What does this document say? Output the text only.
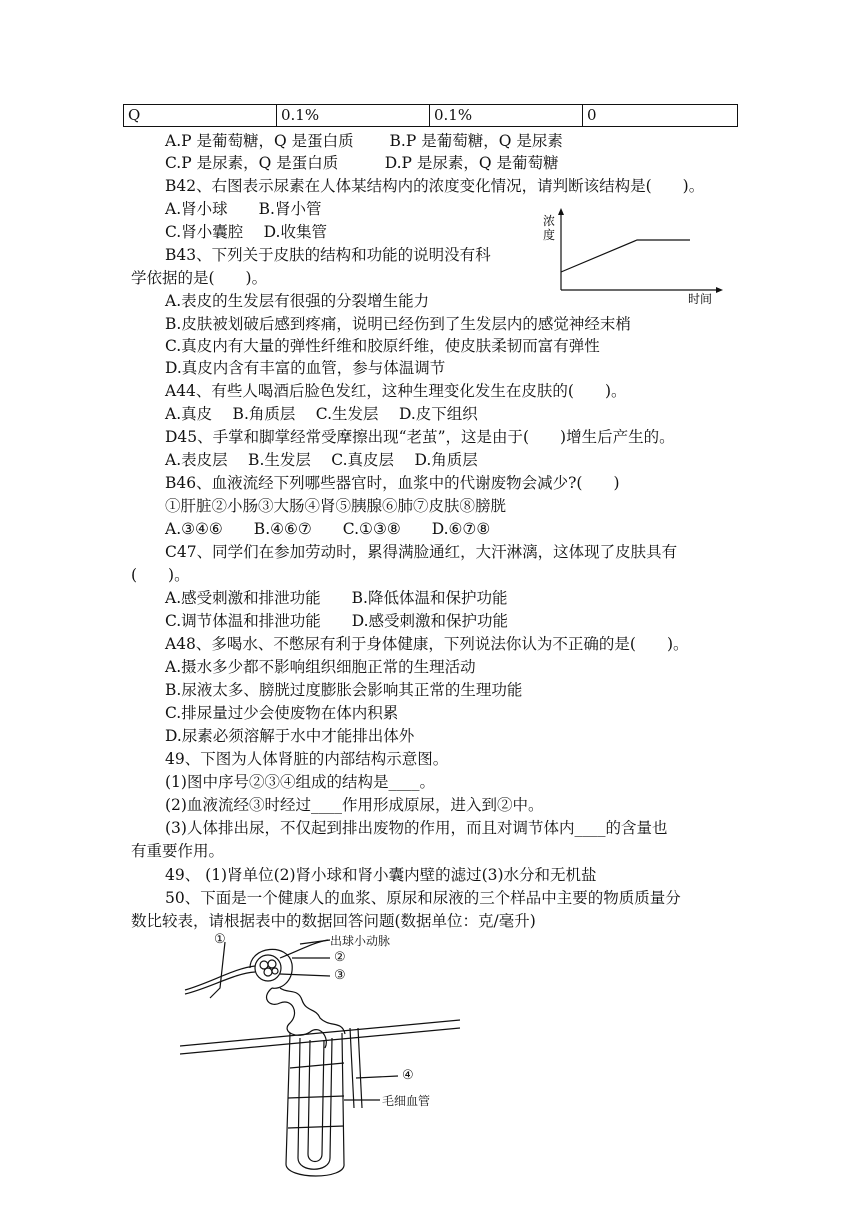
Q	0.1%	0.1%	0
A.P 是葡萄糖，Q 是蛋白质　　 B.P 是葡萄糖，Q 是尿素
C.P 是尿素，Q 是蛋白质　　　D.P 是尿素，Q 是葡萄糖
B42、右图表示尿素在人体某结构内的浓度变化情况，请判断该结构是(　　)。
A.肾小球　　B.肾小管
C.肾小囊腔　 D.收集管
B43、下列关于皮肤的结构和功能的说明没有科
学依据的是(　　)。
A.表皮的生发层有很强的分裂增生能力
B.皮肤被划破后感到疼痛，说明已经伤到了生发层内的感觉神经末梢
C.真皮内有大量的弹性纤维和胶原纤维，使皮肤柔韧而富有弹性
D.真皮内含有丰富的血管，参与体温调节
A44、有些人喝酒后脸色发红，这种生理变化发生在皮肤的(　　)。
A.真皮　 B.角质层　 C.生发层　 D.皮下组织
D45、手掌和脚掌经常受摩擦出现“老茧”，这是由于(　　)增生后产生的。
A.表皮层　 B.生发层　 C.真皮层　 D.角质层
B46、血液流经下列哪些器官时，血浆中的代谢废物会减少?(　　)
①肝脏②小肠③大肠④肾⑤胰腺⑥肺⑦皮肤⑧膀胱
A.③④⑥　　B.④⑥⑦　　C.①③⑧　　D.⑥⑦⑧
C47、同学们在参加劳动时，累得满脸通红，大汗淋漓，这体现了皮肤具有
(　　)。
A.感受刺激和排泄功能　　B.降低体温和保护功能
C.调节体温和排泄功能　　D.感受刺激和保护功能
A48、多喝水、不憋尿有利于身体健康，下列说法你认为不正确的是(　　)。
A.摄水多少都不影响组织细胞正常的生理活动
B.尿液太多、膀胱过度膨胀会影响其正常的生理功能
C.排尿量过少会使废物在体内积累
D.尿素必须溶解于水中才能排出体外
49、下图为人体肾脏的内部结构示意图。
(1)图中序号②③④组成的结构是____。
(2)血液流经③时经过____作用形成原尿，进入到②中。
(3)人体排出尿，不仅起到排出废物的作用，而且对调节体内____的含量也
有重要作用。
49、 (1)肾单位(2)肾小球和肾小囊内壁的滤过(3)水分和无机盐
50、下面是一个健康人的血浆、原尿和尿液的三个样品中主要的物质质量分
数比较表，请根据表中的数据回答问题(数据单位：克/毫升)
浓
度
时间
①	出球小动脉
②
③
④
毛细血管
